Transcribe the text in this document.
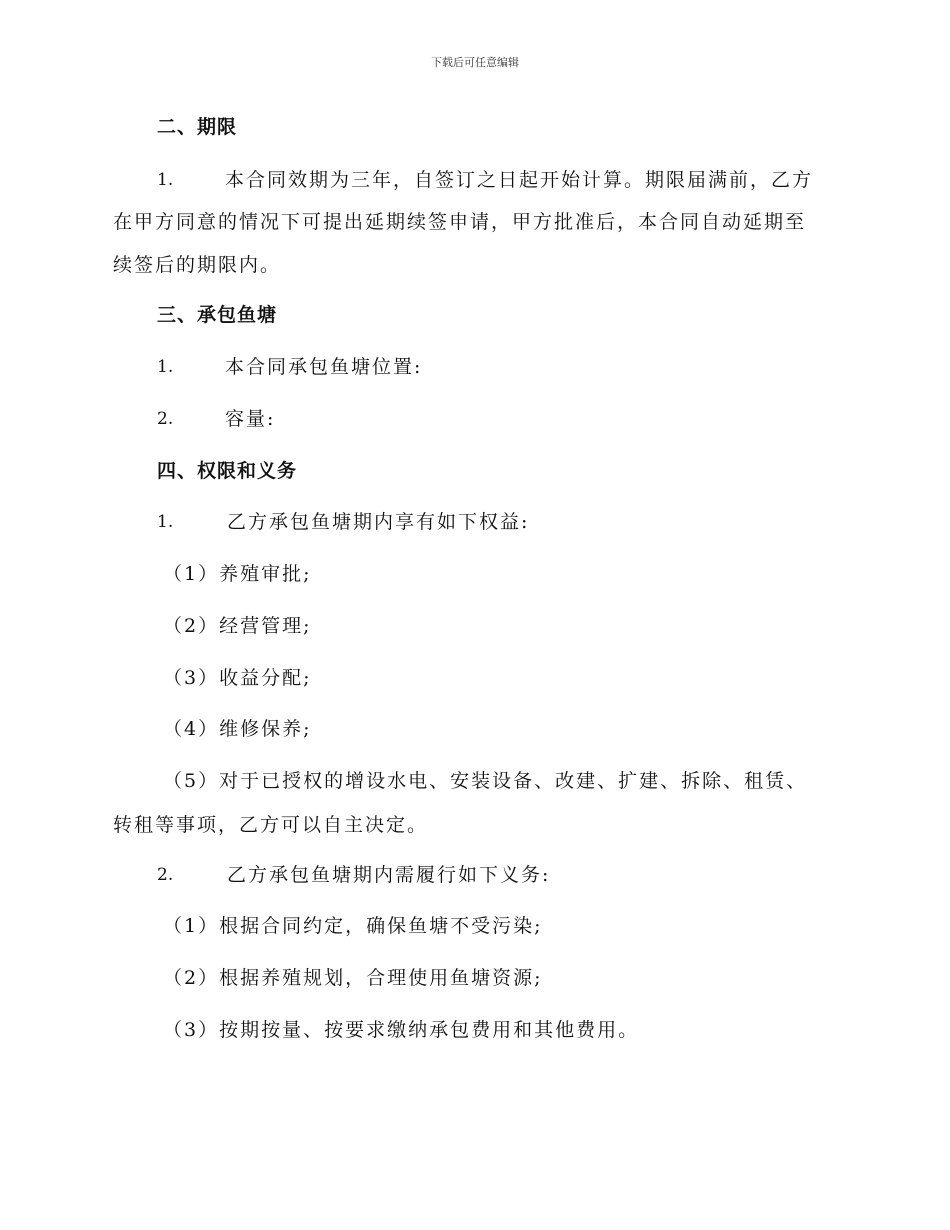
下载后可任意编辑
二、期限
1.	本合同效期为三年，自签订之日起开始计算。期限届满前，乙方
在甲方同意的情况下可提出延期续签申请，甲方批准后，本合同自动延期至
续签后的期限内。
三、承包鱼塘
1.	本合同承包鱼塘位置:
2.	容量:
四、权限和义务
1.	乙方承包鱼塘期内享有如下权益:
（1）养殖审批;
（2）经营管理;
（3）收益分配;
（4）维修保养;
（5）对于已授权的增设水电、安装设备、改建、扩建、拆除、租赁、
转租等事项，乙方可以自主决定。
2.	乙方承包鱼塘期内需履行如下义务:
（1）根据合同约定，确保鱼塘不受污染;
（2）根据养殖规划，合理使用鱼塘资源;
（3）按期按量、按要求缴纳承包费用和其他费用。
